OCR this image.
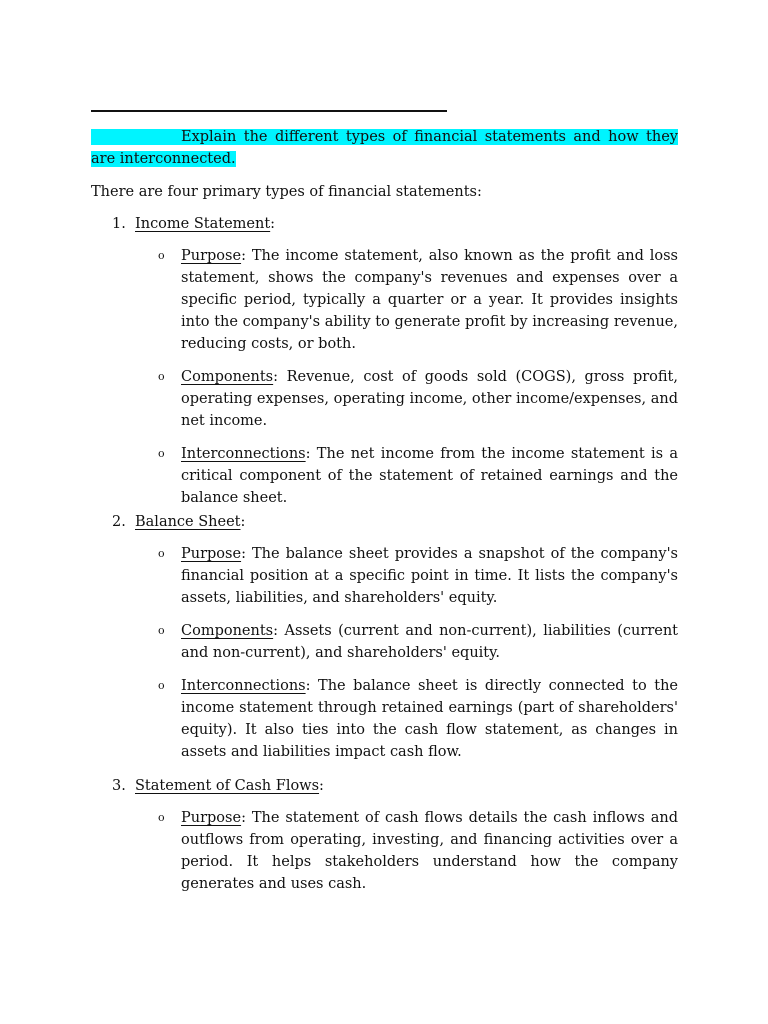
Explain the different types of financial statements and how they are interconnected.
There are four primary types of financial statements:
1. Income Statement:
o Purpose: The income statement, also known as the profit and loss statement, shows the company's revenues and expenses over a specific period, typically a quarter or a year. It provides insights into the company's ability to generate profit by increasing revenue, reducing costs, or both.
o Components: Revenue, cost of goods sold (COGS), gross profit, operating expenses, operating income, other income/expenses, and net income.
o Interconnections: The net income from the income statement is a critical component of the statement of retained earnings and the balance sheet.
2. Balance Sheet:
o Purpose: The balance sheet provides a snapshot of the company's financial position at a specific point in time. It lists the company's assets, liabilities, and shareholders' equity.
o Components: Assets (current and non-current), liabilities (current and non-current), and shareholders' equity.
o Interconnections: The balance sheet is directly connected to the income statement through retained earnings (part of shareholders' equity). It also ties into the cash flow statement, as changes in assets and liabilities impact cash flow.
3. Statement of Cash Flows:
o Purpose: The statement of cash flows details the cash inflows and outflows from operating, investing, and financing activities over a period. It helps stakeholders understand how the company generates and uses cash.
